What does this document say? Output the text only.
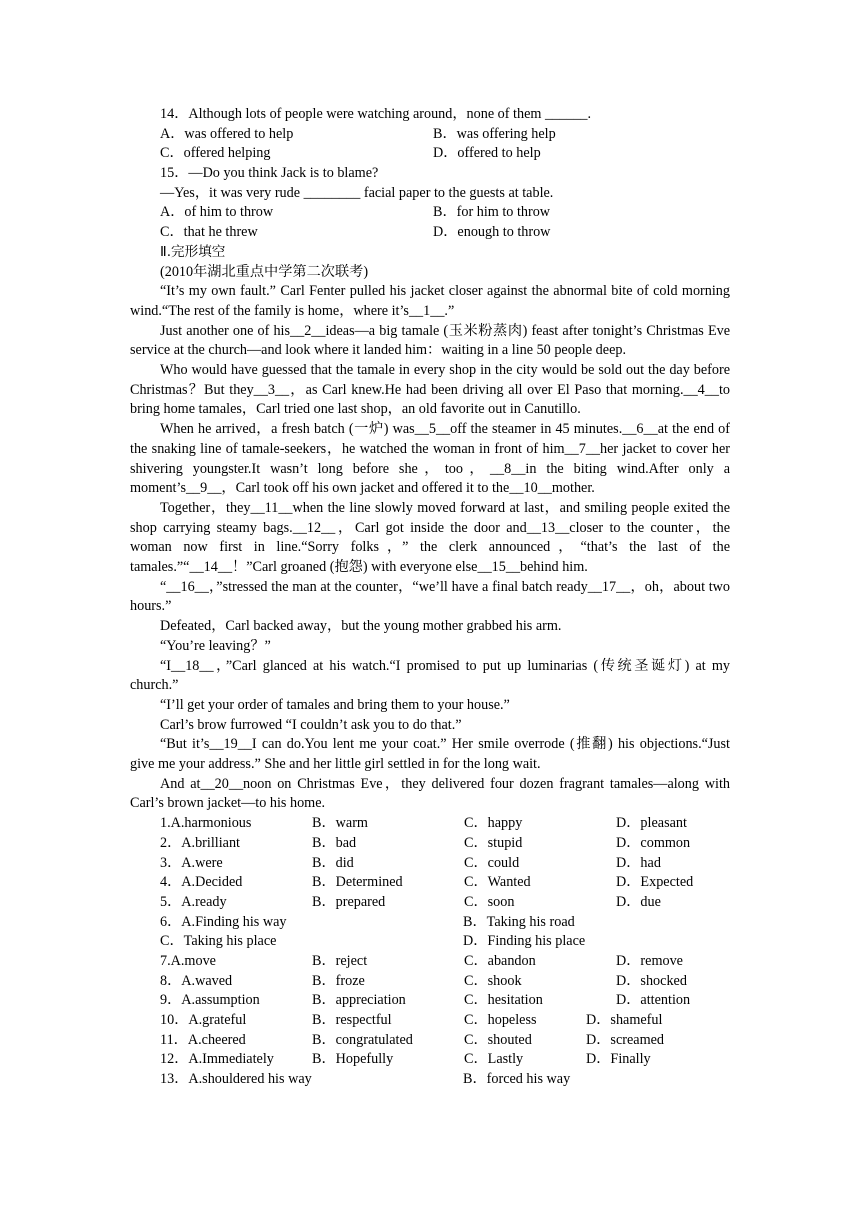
14．Although lots of people were watching around，none of them ______.
A．was offered to help	B．was offering help
C．offered helping	D．offered to help
15．—Do you think Jack is to blame?
—Yes，it was very rude ________ facial paper to the guests at table.
A．of him to throw	B．for him to throw
C．that he threw	D．enough to throw
Ⅱ.完形填空
(2010年湖北重点中学第二次联考)

“It’s my own fault.” Carl Fenter pulled his jacket closer against the abnormal bite of cold morning wind.“The rest of the family is home，where it’s__1__.”

Just another one of his__2__ideas—a big tamale (玉米粉蒸肉) feast after tonight’s Christmas Eve service at the church—and look where it landed him：waiting in a line 50 people deep.

Who would have guessed that the tamale in every shop in the city would be sold out the day before Christmas？But they__3__，as Carl knew.He had been driving all over El Paso that morning.__4__to bring home tamales，Carl tried one last shop，an old favorite out in Canutillo.

When he arrived，a fresh batch (一炉) was__5__off the steamer in 45 minutes.__6__at the end of the snaking line of tamale-seekers，he watched the woman in front of him__7__her jacket to cover her shivering youngster.It wasn’t long before she，too，__8__in the biting wind.After only a moment’s__9__，Carl took off his own jacket and offered it to the__10__mother.

Together，they__11__when the line slowly moved forward at last，and smiling people exited the shop carrying steamy bags.__12__，Carl got inside the door and__13__closer to the counter，the woman now first in line.“Sorry folks，” the clerk announced，“that’s the last of the tamales.”“__14__！”Carl groaned (抱怨) with everyone else__15__behind him.

“__16__，”stressed the man at the counter，“we’ll have a final batch ready__17__，oh，about two hours.”

Defeated，Carl backed away，but the young mother grabbed his arm.

“You’re leaving？”

“I__18__，”Carl glanced at his watch.“I promised to put up luminarias (传统圣诞灯) at my church.”

“I’ll get your order of tamales and bring them to your house.”

Carl’s brow furrowed “I couldn’t ask you to do that.”

“But it’s__19__I can do.You lent me your coat.” Her smile overrode (推翻) his objections.“Just give me your address.” She and her little girl settled in for the long wait.

And at__20__noon on Christmas Eve，they delivered four dozen fragrant tamales—along with Carl’s brown jacket—to his home.

1.A.harmonious	B．warm	C．happy	D．pleasant
2．A.brilliant	B．bad	C．stupid	D．common
3．A.were	B．did	C．could	D．had
4．A.Decided	B．Determined	C．Wanted	D．Expected
5．A.ready	B．prepared	C．soon	D．due
6．A.Finding his way	B．Taking his road
C．Taking his place	D．Finding his place
7.A.move	B．reject	C．abandon	D．remove
8．A.waved	B．froze	C．shook	D．shocked
9．A.assumption	B．appreciation	C．hesitation	D．attention
10．A.grateful	B．respectful	C．hopeless	D．shameful
11．A.cheered	B．congratulated	C．shouted	D．screamed
12．A.Immediately	B．Hopefully	C．Lastly	D．Finally
13．A.shouldered his way	B．forced his way
